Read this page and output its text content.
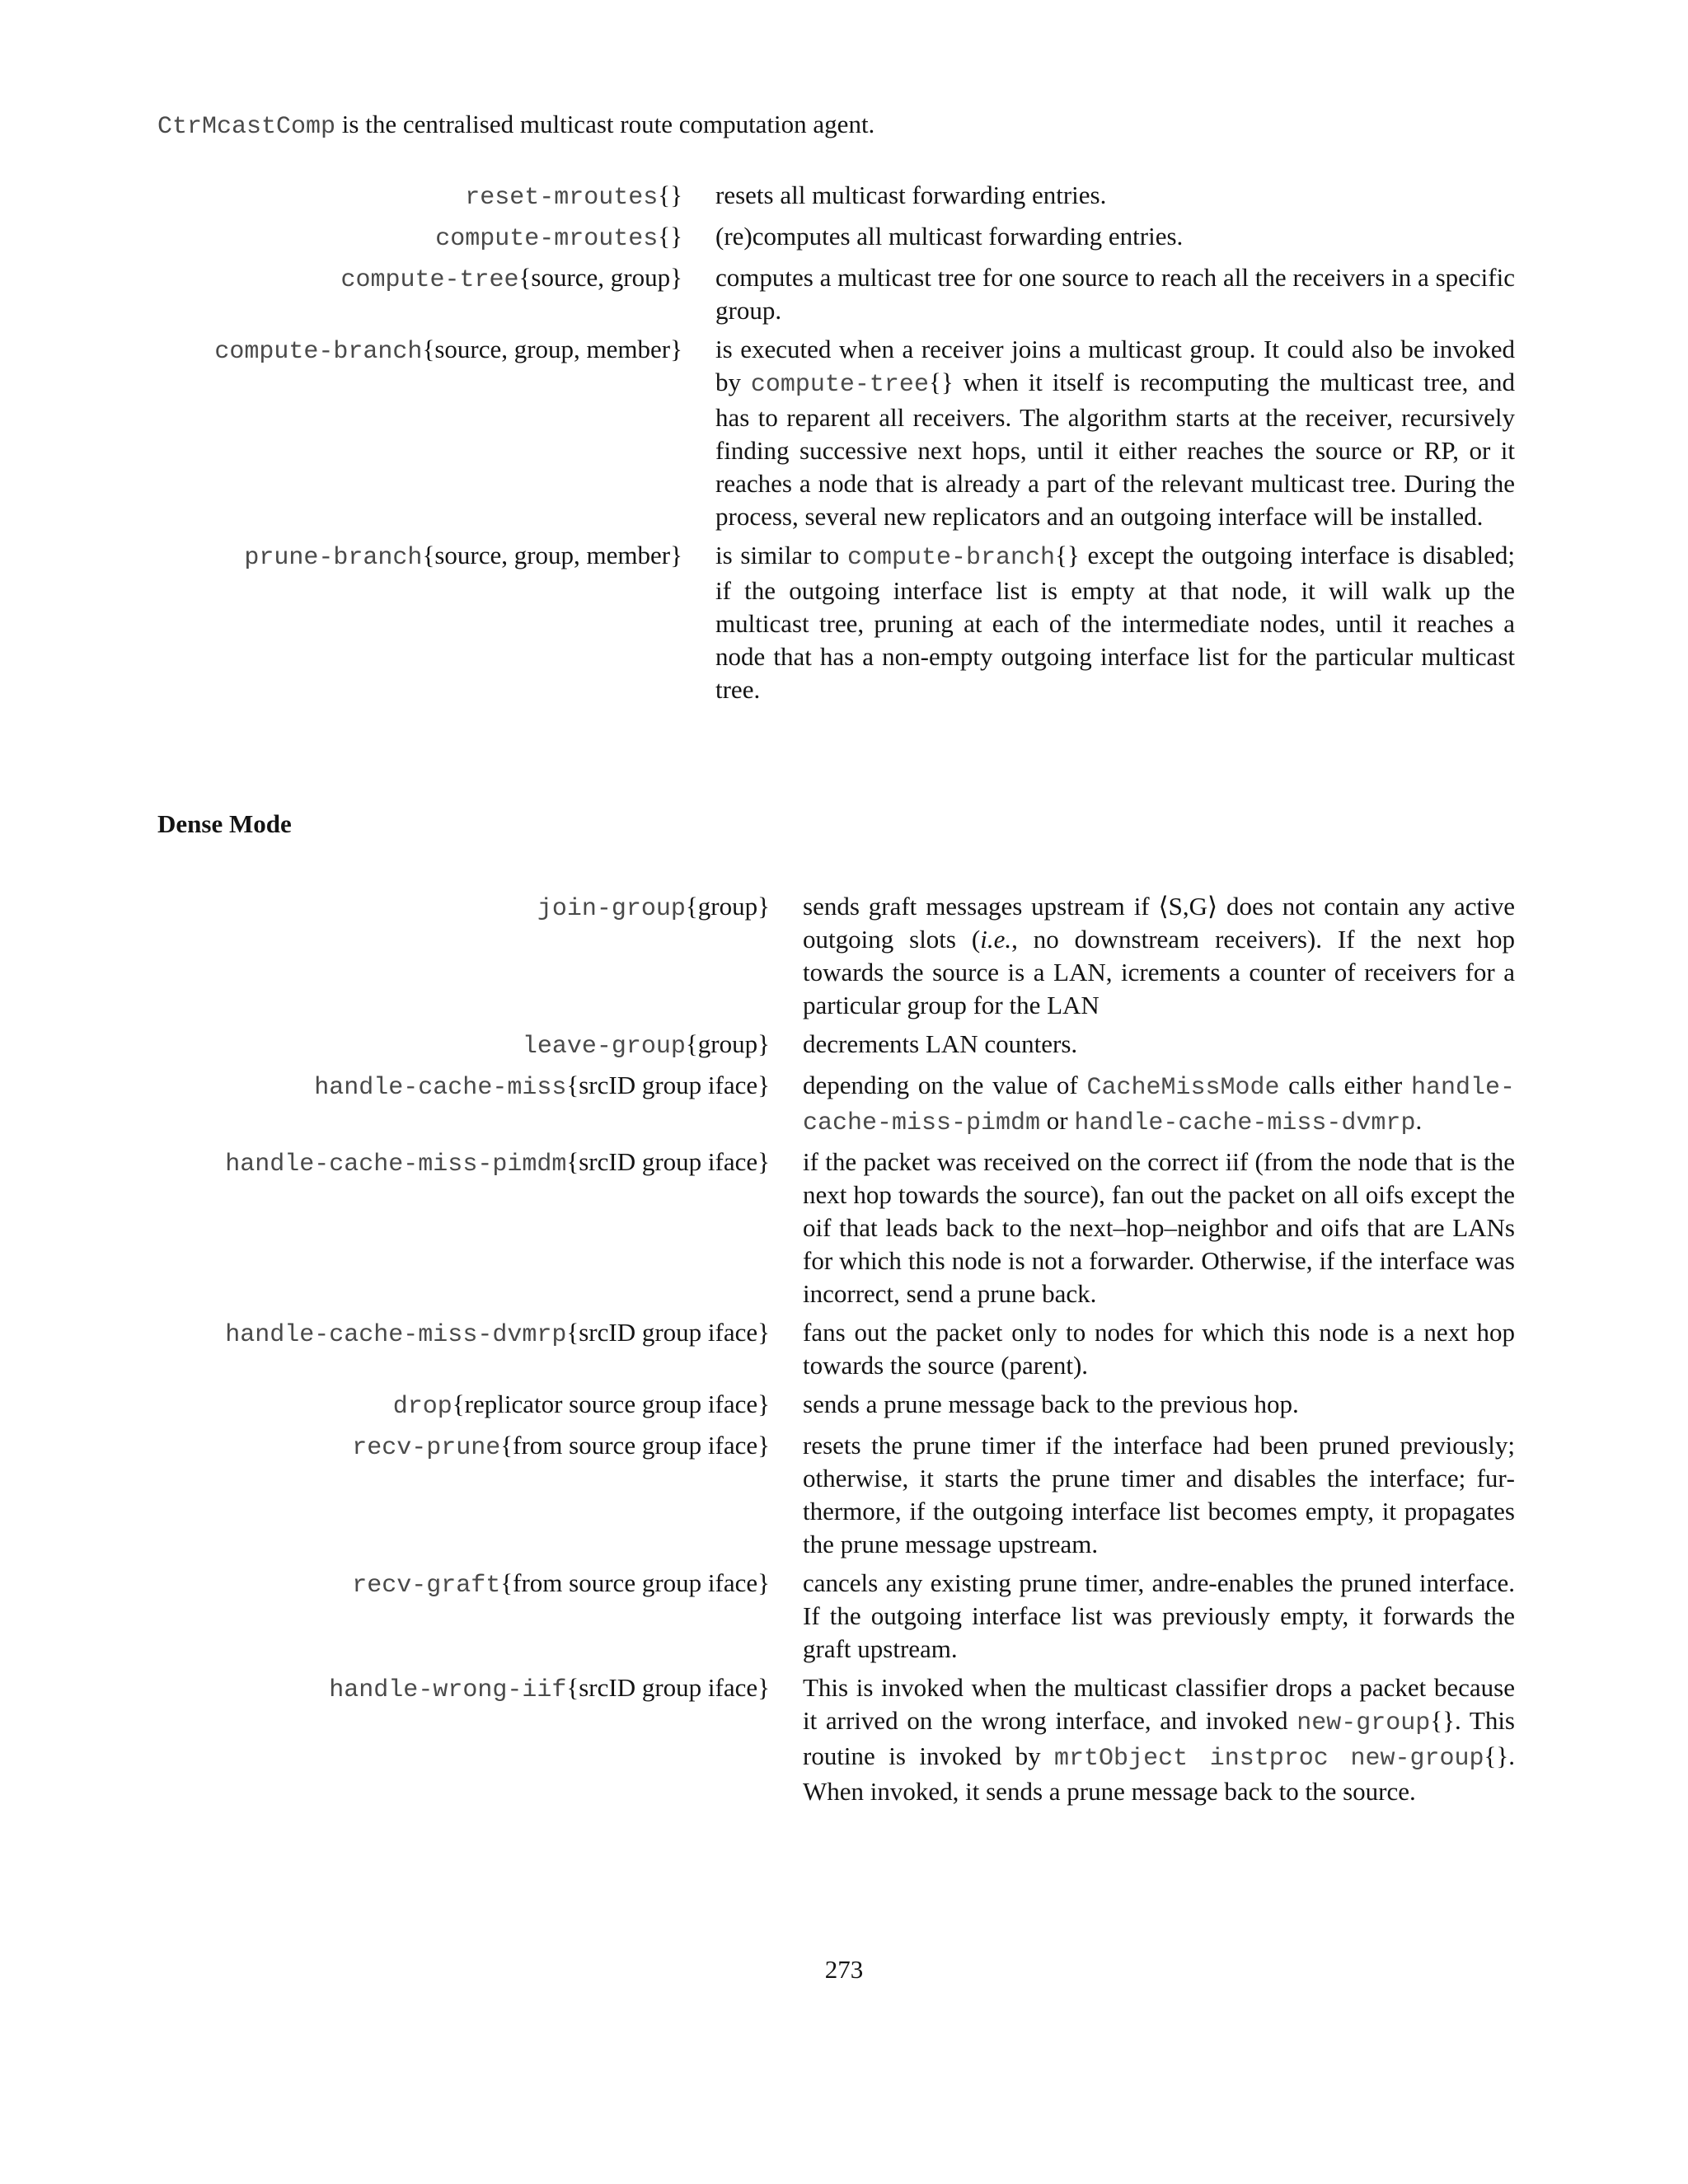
CtrMcastComp is the centralised multicast route computation agent.
reset-mroutes{}	resets all multicast forwarding entries.
compute-mroutes{}	(re)computes all multicast forwarding entries.
compute-tree{source, group}	computes a multicast tree for one source to reach all the receivers in a specific group.
compute-branch{source, group, member}	is executed when a receiver joins a multicast group. It could also be invoked by compute-tree{} when it itself is recomputing the multicast tree, and has to reparent all receivers. The algorithm starts at the receiver, recursively finding successive next hops, until it either reaches the source or RP, or it reaches a node that is already a part of the relevant multicast tree. During the process, several new replicators and an outgoing interface will be installed.
prune-branch{source, group, member}	is similar to compute-branch{} except the outgoing interface is disabled; if the outgoing interface list is empty at that node, it will walk up the multicast tree, pruning at each of the intermediate nodes, until it reaches a node that has a non-empty outgoing interface list for the particular multicast tree.
Dense Mode
join-group{group}	sends graft messages upstream if ⟨S,G⟩ does not contain any active outgoing slots (i.e., no downstream receivers). If the next hop towards the source is a LAN, icrements a counter of receivers for a particular group for the LAN
leave-group{group}	decrements LAN counters.
handle-cache-miss{srcID group iface}	depending on the value of CacheMissMode calls either handle-cache-miss-pimdm or handle-cache-miss-dvmrp.
handle-cache-miss-pimdm{srcID group iface}	if the packet was received on the correct iif (from the node that is the next hop towards the source), fan out the packet on all oifs except the oif that leads back to the next–hop–neighbor and oifs that are LANs for which this node is not a forwarder. Otherwise, if the interface was incorrect, send a prune back.
handle-cache-miss-dvmrp{srcID group iface}	fans out the packet only to nodes for which this node is a next hop towards the source (parent).
drop{replicator source group iface}	sends a prune message back to the previous hop.
recv-prune{from source group iface}	resets the prune timer if the interface had been pruned previously; otherwise, it starts the prune timer and disables the interface; furthermore, if the outgoing interface list becomes empty, it propagates the prune message upstream.
recv-graft{from source group iface}	cancels any existing prune timer, andre-enables the pruned interface. If the outgoing interface list was previously empty, it forwards the graft upstream.
handle-wrong-iif{srcID group iface}	This is invoked when the multicast classifier drops a packet because it arrived on the wrong interface, and invoked new-group{}. This routine is invoked by mrtObject instproc new-group{}. When invoked, it sends a prune message back to the source.
273
